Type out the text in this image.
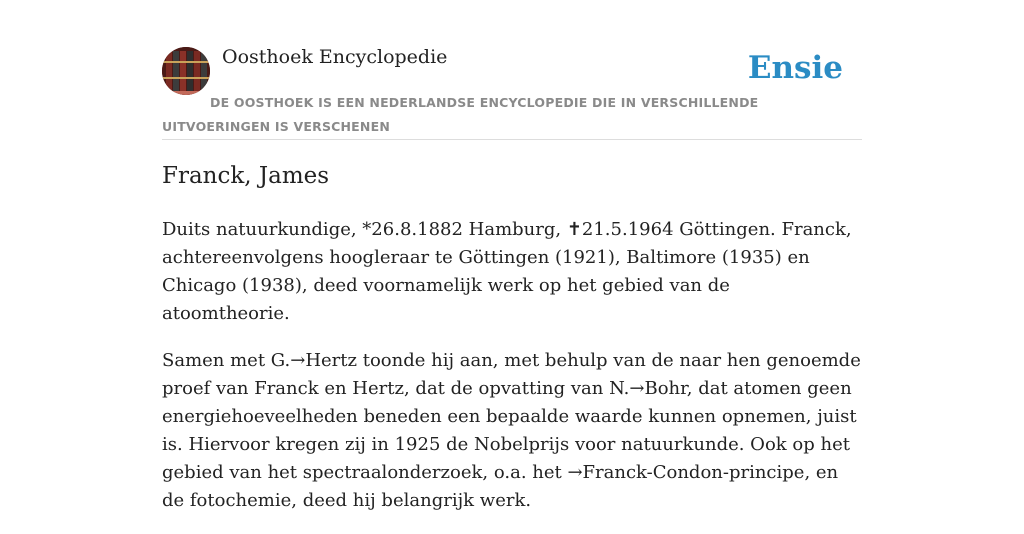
Oosthoek Encyclopedie	Ensie
DE OOSTHOEK IS EEN NEDERLANDSE ENCYCLOPEDIE DIE IN VERSCHILLENDE UITVOERINGEN IS VERSCHENEN
Franck, James

Duits natuurkundige, *26.8.1882 Hamburg, ✝21.5.1964 Göttingen. Franck, achtereenvolgens hoogleraar te Göttingen (1921), Baltimore (1935) en Chicago (1938), deed voornamelijk werk op het gebied van de atoomtheorie.

Samen met G.→Hertz toonde hij aan, met behulp van de naar hen genoemde proef van Franck en Hertz, dat de opvatting van N.→Bohr, dat atomen geen energiehoeveelheden beneden een bepaalde waarde kunnen opnemen, juist is. Hiervoor kregen zij in 1925 de Nobelprijs voor natuurkunde. Ook op het gebied van het spectraalonderzoek, o.a. het →Franck-Condon-principe, en de fotochemie, deed hij belangrijk werk.
